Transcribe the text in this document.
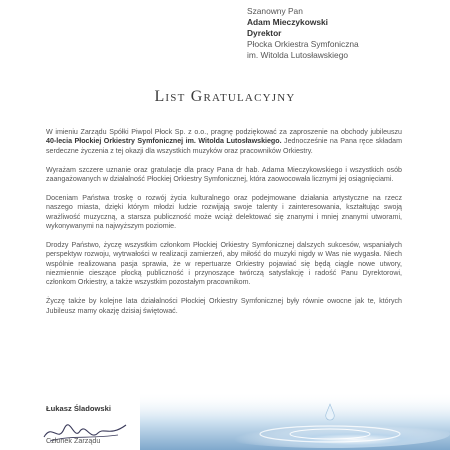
Szanowny Pan
Adam Mieczykowski
Dyrektor
Płocka Orkiestra Symfoniczna
im. Witolda Lutosławskiego
List Gratulacyjny

W imieniu Zarządu Spółki Piwpol Płock Sp. z o.o., pragnę podziękować za zaproszenie na obchody jubileuszu 40-lecia Płockiej Orkiestry Symfonicznej im. Witolda Lutosławskiego. Jednocześnie na Pana ręce składam serdeczne życzenia z tej okazji dla wszystkich muzyków oraz pracowników Orkiestry.

Wyrażam szczere uznanie oraz gratulacje dla pracy Pana dr hab. Adama Mieczykowskiego i wszystkich osób zaangażowanych w działalność Płockiej Orkiestry Symfonicznej, która zaowocowała licznymi jej osiągnięciami.

Doceniam Państwa troskę o rozwój życia kulturalnego oraz podejmowane działania artystyczne na rzecz naszego miasta, dzięki którym młodzi ludzie rozwijają swoje talenty i zainteresowania, kształtując swoją wrażliwość muzyczną, a starsza publiczność może wciąż delektować się znanymi i mniej znanymi utworami, wykonywanymi na najwyższym poziomie.

Drodzy Państwo, życzę wszystkim członkom Płockiej Orkiestry Symfonicznej dalszych sukcesów, wspaniałych perspektyw rozwoju, wytrwałości w realizacji zamierzeń, aby miłość do muzyki nigdy w Was nie wygasła. Niech wspólnie realizowana pasja sprawia, że w repertuarze Orkiestry pojawiać się będą ciągle nowe utwory, niezmiennie cieszące płocką publiczność i przynoszące twórczą satysfakcję i radość Panu Dyrektorowi, członkom Orkiestry, a także wszystkim pozostałym pracownikom.

Życzę także by kolejne lata działalności Płockiej Orkiestry Symfonicznej były równie owocne jak te, których Jubileusz mamy okazję dzisiaj świętować.

Łukasz Śladowski
Członek Zarządu
